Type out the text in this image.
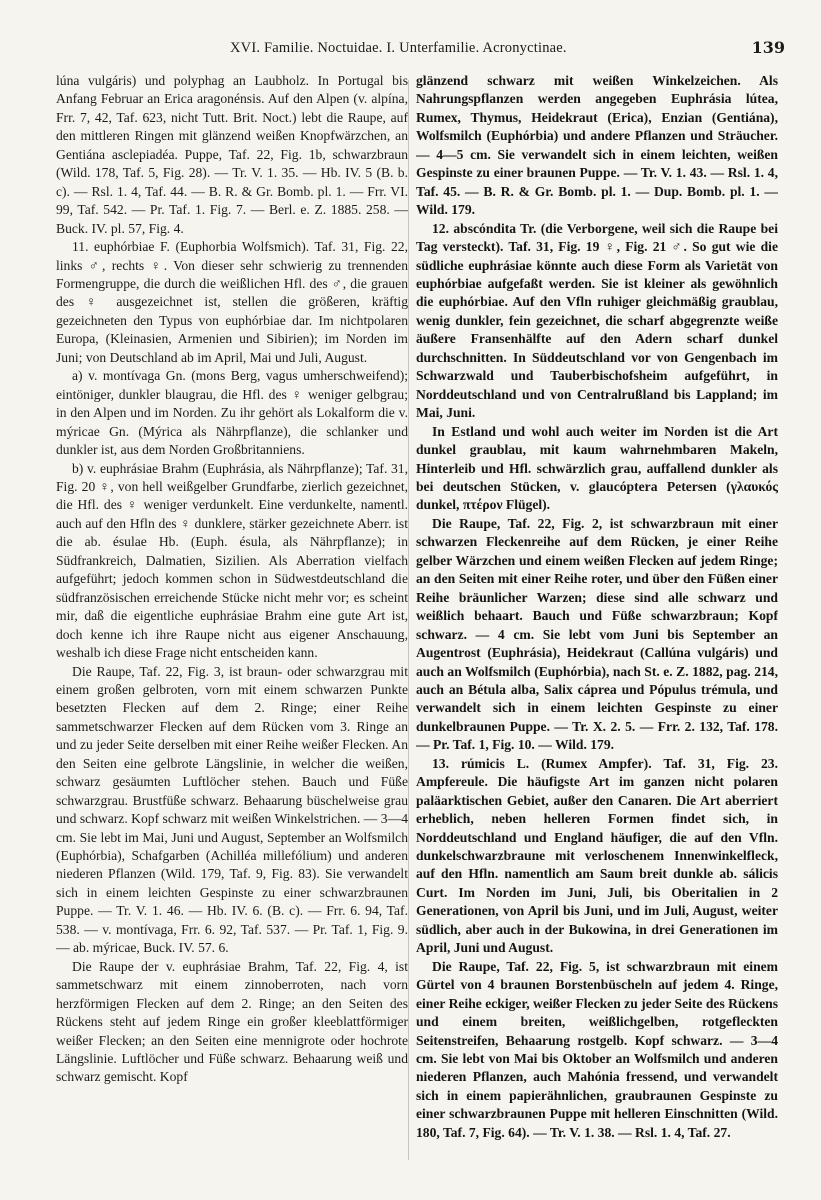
XVI. Familie. Noctuidae. I. Unterfamilie. Acronyctinae.	139

lúna vulgáris) und polyphag an Laubholz. In Portugal bis Anfang Februar an Erica aragonénsis. Auf den Alpen (v. alpína, Frr. 7, 42, Taf. 623, nicht Tutt. Brit. Noct.) lebt die Raupe, auf den mittleren Ringen mit glänzend weißen Knopfwärzchen, an Gentiána asclepiadéa. Puppe, Taf. 22, Fig. 1b, schwarzbraun (Wild. 178, Taf. 5, Fig. 28). — Tr. V. 1. 35. — Hb. IV. 5 (B. b. c). — Rsl. 1. 4, Taf. 44. — B. R. & Gr. Bomb. pl. 1. — Frr. VI. 99, Taf. 542. — Pr. Taf. 1. Fig. 7. — Berl. e. Z. 1885. 258. — Buck. IV. pl. 57, Fig. 4.

11. euphórbiae F. (Euphorbia Wolfsmich). Taf. 31, Fig. 22, links ♂, rechts ♀. Von dieser sehr schwierig zu trennenden Formengruppe, die durch die weißlichen Hfl. des ♂, die grauen des ♀ ausgezeichnet ist, stellen die größeren, kräftig gezeichneten den Typus von euphórbiae dar. Im nichtpolaren Europa, (Kleinasien, Armenien und Sibirien); im Norden im Juni; von Deutschland ab im April, Mai und Juli, August.

a) v. montívaga Gn. (mons Berg, vagus umherschweifend); eintöniger, dunkler blaugrau, die Hfl. des ♀ weniger gelbgrau; in den Alpen und im Norden. Zu ihr gehört als Lokalform die v. mýricae Gn. (Mýrica als Nährpflanze), die schlanker und dunkler ist, aus dem Norden Großbritanniens.

b) v. euphrásiae Brahm (Euphrásia, als Nährpflanze); Taf. 31, Fig. 20 ♀, von hell weißgelber Grundfarbe, zierlich gezeichnet, die Hfl. des ♀ weniger verdunkelt. Eine verdunkelte, namentl. auch auf den Hfln des ♀ dunklere, stärker gezeichnete Aberr. ist die ab. ésulae Hb. (Euph. ésula, als Nährpflanze); in Südfrankreich, Dalmatien, Sizilien. Als Aberration vielfach aufgeführt; jedoch kommen schon in Südwestdeutschland die südfranzösischen erreichende Stücke nicht mehr vor; es scheint mir, daß die eigentliche euphrásiae Brahm eine gute Art ist, doch kenne ich ihre Raupe nicht aus eigener Anschauung, weshalb ich diese Frage nicht entscheiden kann.

Die Raupe, Taf. 22, Fig. 3, ist braun- oder schwarzgrau mit einem großen gelbroten, vorn mit einem schwarzen Punkte besetzten Flecken auf dem 2. Ringe; einer Reihe sammetschwarzer Flecken auf dem Rücken vom 3. Ringe an und zu jeder Seite derselben mit einer Reihe weißer Flecken. An den Seiten eine gelbrote Längslinie, in welcher die weißen, schwarz gesäumten Luftlöcher stehen. Bauch und Füße schwarzgrau. Brustfüße schwarz. Behaarung büschelweise grau und schwarz. Kopf schwarz mit weißen Winkelstrichen. — 3—4 cm. Sie lebt im Mai, Juni und August, September an Wolfsmilch (Euphórbia), Schafgarben (Achilléa millefólium) und anderen niederen Pflanzen (Wild. 179, Taf. 9, Fig. 83). Sie verwandelt sich in einem leichten Gespinste zu einer schwarzbraunen Puppe. — Tr. V. 1. 46. — Hb. IV. 6. (B. c). — Frr. 6. 94, Taf. 538. — v. montívaga, Frr. 6. 92, Taf. 537. — Pr. Taf. 1, Fig. 9. — ab. mýricae, Buck. IV. 57. 6.

Die Raupe der v. euphrásiae Brahm, Taf. 22, Fig. 4, ist sammetschwarz mit einem zinnoberroten, nach vorn herzförmigen Flecken auf dem 2. Ringe; an den Seiten des Rückens steht auf jedem Ringe ein großer kleeblattförmiger weißer Flecken; an den Seiten eine mennigrote oder hochrote Längslinie. Luftlöcher und Füße schwarz. Behaarung weiß und schwarz gemischt. Kopf

glänzend schwarz mit weißen Winkelzeichen. Als Nahrungspflanzen werden angegeben Euphrásia lútea, Rumex, Thymus, Heidekraut (Erica), Enzian (Gentiána), Wolfsmilch (Euphórbia) und andere Pflanzen und Sträucher. — 4—5 cm. Sie verwandelt sich in einem leichten, weißen Gespinste zu einer braunen Puppe. — Tr. V. 1. 43. — Rsl. 1. 4, Taf. 45. — B. R. & Gr. Bomb. pl. 1. — Dup. Bomb. pl. 1. — Wild. 179.

12. abscóndita Tr. (die Verborgene, weil sich die Raupe bei Tag versteckt). Taf. 31, Fig. 19 ♀, Fig. 21 ♂. So gut wie die südliche euphrásiae könnte auch diese Form als Varietät von euphórbiae aufgefaßt werden. Sie ist kleiner als gewöhnlich die euphórbiae. Auf den Vfln ruhiger gleichmäßig graublau, wenig dunkler, fein gezeichnet, die scharf abgegrenzte weiße äußere Fransenhälfte auf den Adern scharf dunkel durchschnitten. In Süddeutschland vor von Gengenbach im Schwarzwald und Tauberbischofsheim aufgeführt, in Norddeutschland und von Centralrußland bis Lappland; im Mai, Juni.

In Estland und wohl auch weiter im Norden ist die Art dunkel graublau, mit kaum wahrnehmbaren Makeln, Hinterleib und Hfl. schwärzlich grau, auffallend dunkler als bei deutschen Stücken, v. glaucóptera Petersen (γλαυκός dunkel, πτέρον Flügel).

Die Raupe, Taf. 22, Fig. 2, ist schwarzbraun mit einer schwarzen Fleckenreihe auf dem Rücken, je einer Reihe gelber Wärzchen und einem weißen Flecken auf jedem Ringe; an den Seiten mit einer Reihe roter, und über den Füßen einer Reihe bräunlicher Warzen; diese sind alle schwarz und weißlich behaart. Bauch und Füße schwarzbraun; Kopf schwarz. — 4 cm. Sie lebt vom Juni bis September an Augentrost (Euphrásia), Heidekraut (Callúna vulgáris) und auch an Wolfsmilch (Euphórbia), nach St. e. Z. 1882, pag. 214, auch an Bétula alba, Salix cáprea und Pópulus trémula, und verwandelt sich in einem leichten Gespinste zu einer dunkelbraunen Puppe. — Tr. X. 2. 5. — Frr. 2. 132, Taf. 178. — Pr. Taf. 1, Fig. 10. — Wild. 179.

13. rúmicis L. (Rumex Ampfer). Taf. 31, Fig. 23. Ampfereule. Die häufigste Art im ganzen nicht polaren paläarktischen Gebiet, außer den Canaren. Die Art aberriert erheblich, neben helleren Formen findet sich, in Norddeutschland und England häufiger, die auf den Vfln. dunkelschwarzbraune mit verloschenem Innenwinkelfleck, auf den Hfln. namentlich am Saum breit dunkle ab. sálicis Curt. Im Norden im Juni, Juli, bis Oberitalien in 2 Generationen, von April bis Juni, und im Juli, August, weiter südlich, aber auch in der Bukowina, in drei Generationen im April, Juni und August.

Die Raupe, Taf. 22, Fig. 5, ist schwarzbraun mit einem Gürtel von 4 braunen Borstenbüscheln auf jedem 4. Ringe, einer Reihe eckiger, weißer Flecken zu jeder Seite des Rückens und einem breiten, weißlichgelben, rotgefleckten Seitenstreifen, Behaarung rostgelb. Kopf schwarz. — 3—4 cm. Sie lebt von Mai bis Oktober an Wolfsmilch und anderen niederen Pflanzen, auch Mahónia fressend, und verwandelt sich in einem papierähnlichen, graubraunen Gespinste zu einer schwarzbraunen Puppe mit helleren Einschnitten (Wild. 180, Taf. 7, Fig. 64). — Tr. V. 1. 38. — Rsl. 1. 4, Taf. 27.
